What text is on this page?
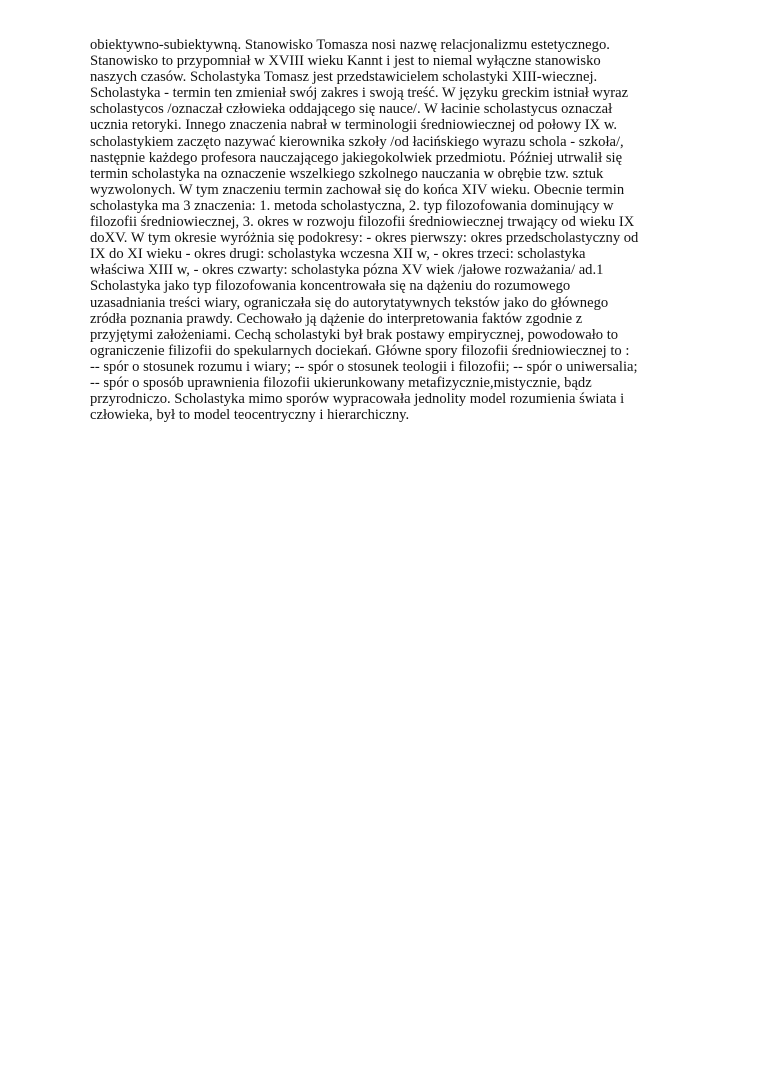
obiektywno-subiektywną. Stanowisko Tomasza nosi nazwę relacjonalizmu estetycznego.
Stanowisko to przypomniał w XVIII wieku Kannt i jest to niemal wyłączne stanowisko
naszych czasów. Scholastyka Tomasz jest przedstawicielem scholastyki XIII-wiecznej.
Scholastyka - termin ten zmieniał swój zakres i swoją treść. W języku greckim istniał wyraz
scholastycos /oznaczał człowieka oddającego się nauce/. W łacinie scholastycus oznaczał
ucznia retoryki. Innego znaczenia nabrał w terminologii średniowiecznej od połowy IX w.
scholastykiem zaczęto nazywać kierownika szkoły /od łacińskiego wyrazu schola - szkoła/,
następnie każdego profesora nauczającego jakiegokolwiek przedmiotu. Później utrwalił się
termin scholastyka na oznaczenie wszelkiego szkolnego nauczania w obrębie tzw. sztuk
wyzwolonych. W tym znaczeniu termin zachował się do końca XIV wieku. Obecnie termin
scholastyka ma 3 znaczenia: 1. metoda scholastyczna, 2. typ filozofowania dominujący w
filozofii średniowiecznej, 3. okres w rozwoju filozofii średniowiecznej trwający od wieku IX
doXV. W tym okresie wyróżnia się podokresy: - okres pierwszy: okres przedscholastyczny od
IX do XI wieku - okres drugi: scholastyka wczesna XII w, - okres trzeci: scholastyka
właściwa XIII w, - okres czwarty: scholastyka pózna XV wiek /jałowe rozważania/ ad.1
Scholastyka jako typ filozofowania koncentrowała się na dążeniu do rozumowego
uzasadniania treści wiary, ograniczała się do autorytatywnych tekstów jako do głównego
zródła poznania prawdy. Cechowało ją dążenie do interpretowania faktów zgodnie z
przyjętymi założeniami. Cechą scholastyki był brak postawy empirycznej, powodowało to
ograniczenie filizofii do spekularnych dociekań. Główne spory filozofii średniowiecznej to :
-- spór o stosunek rozumu i wiary; -- spór o stosunek teologii i filozofii; -- spór o uniwersalia;
-- spór o sposób uprawnienia filozofii ukierunkowany metafizycznie,mistycznie, bądz
przyrodniczo. Scholastyka mimo sporów wypracowała jednolity model rozumienia świata i
człowieka, był to model teocentryczny i hierarchiczny.
